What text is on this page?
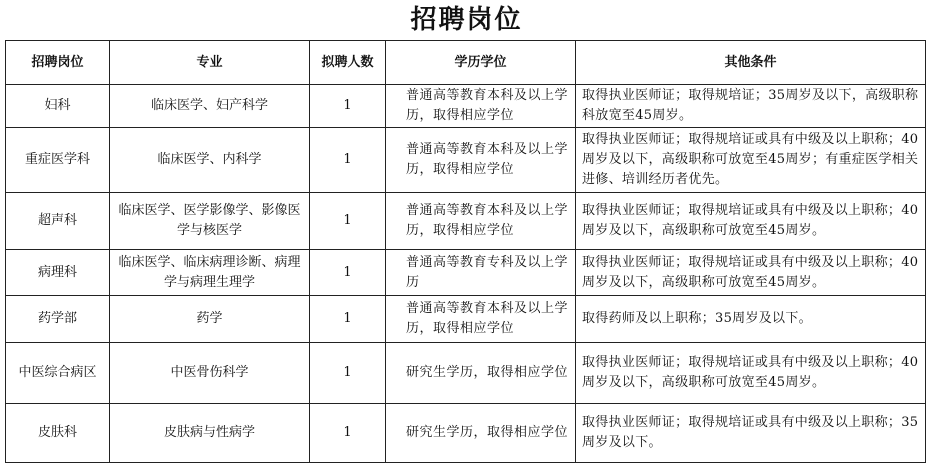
招聘岗位
招聘岗位	专业	拟聘人数	学历学位	其他条件
妇科	临床医学、妇产科学	1	普通高等教育本科及以上学历，取得相应学位	取得执业医师证；取得规培证；35周岁及以下，高级职称科放宽至45周岁。
重症医学科	临床医学、内科学	1	普通高等教育本科及以上学历，取得相应学位	取得执业医师证；取得规培证或具有中级及以上职称；40周岁及以下，高级职称可放宽至45周岁；有重症医学相关进修、培训经历者优先。
超声科	临床医学、医学影像学、影像医学与核医学	1	普通高等教育本科及以上学历，取得相应学位	取得执业医师证；取得规培证或具有中级及以上职称；40周岁及以下，高级职称可放宽至45周岁。
病理科	临床医学、临床病理诊断、病理学与病理生理学	1	普通高等教育专科及以上学历	取得执业医师证；取得规培证或具有中级及以上职称；40周岁及以下，高级职称可放宽至45周岁。
药学部	药学	1	普通高等教育本科及以上学历，取得相应学位	取得药师及以上职称；35周岁及以下。
中医综合病区	中医骨伤科学	1	研究生学历，取得相应学位	取得执业医师证；取得规培证或具有中级及以上职称；40周岁及以下，高级职称可放宽至45周岁。
皮肤科	皮肤病与性病学	1	研究生学历，取得相应学位	取得执业医师证；取得规培证或具有中级及以上职称；35周岁及以下。
